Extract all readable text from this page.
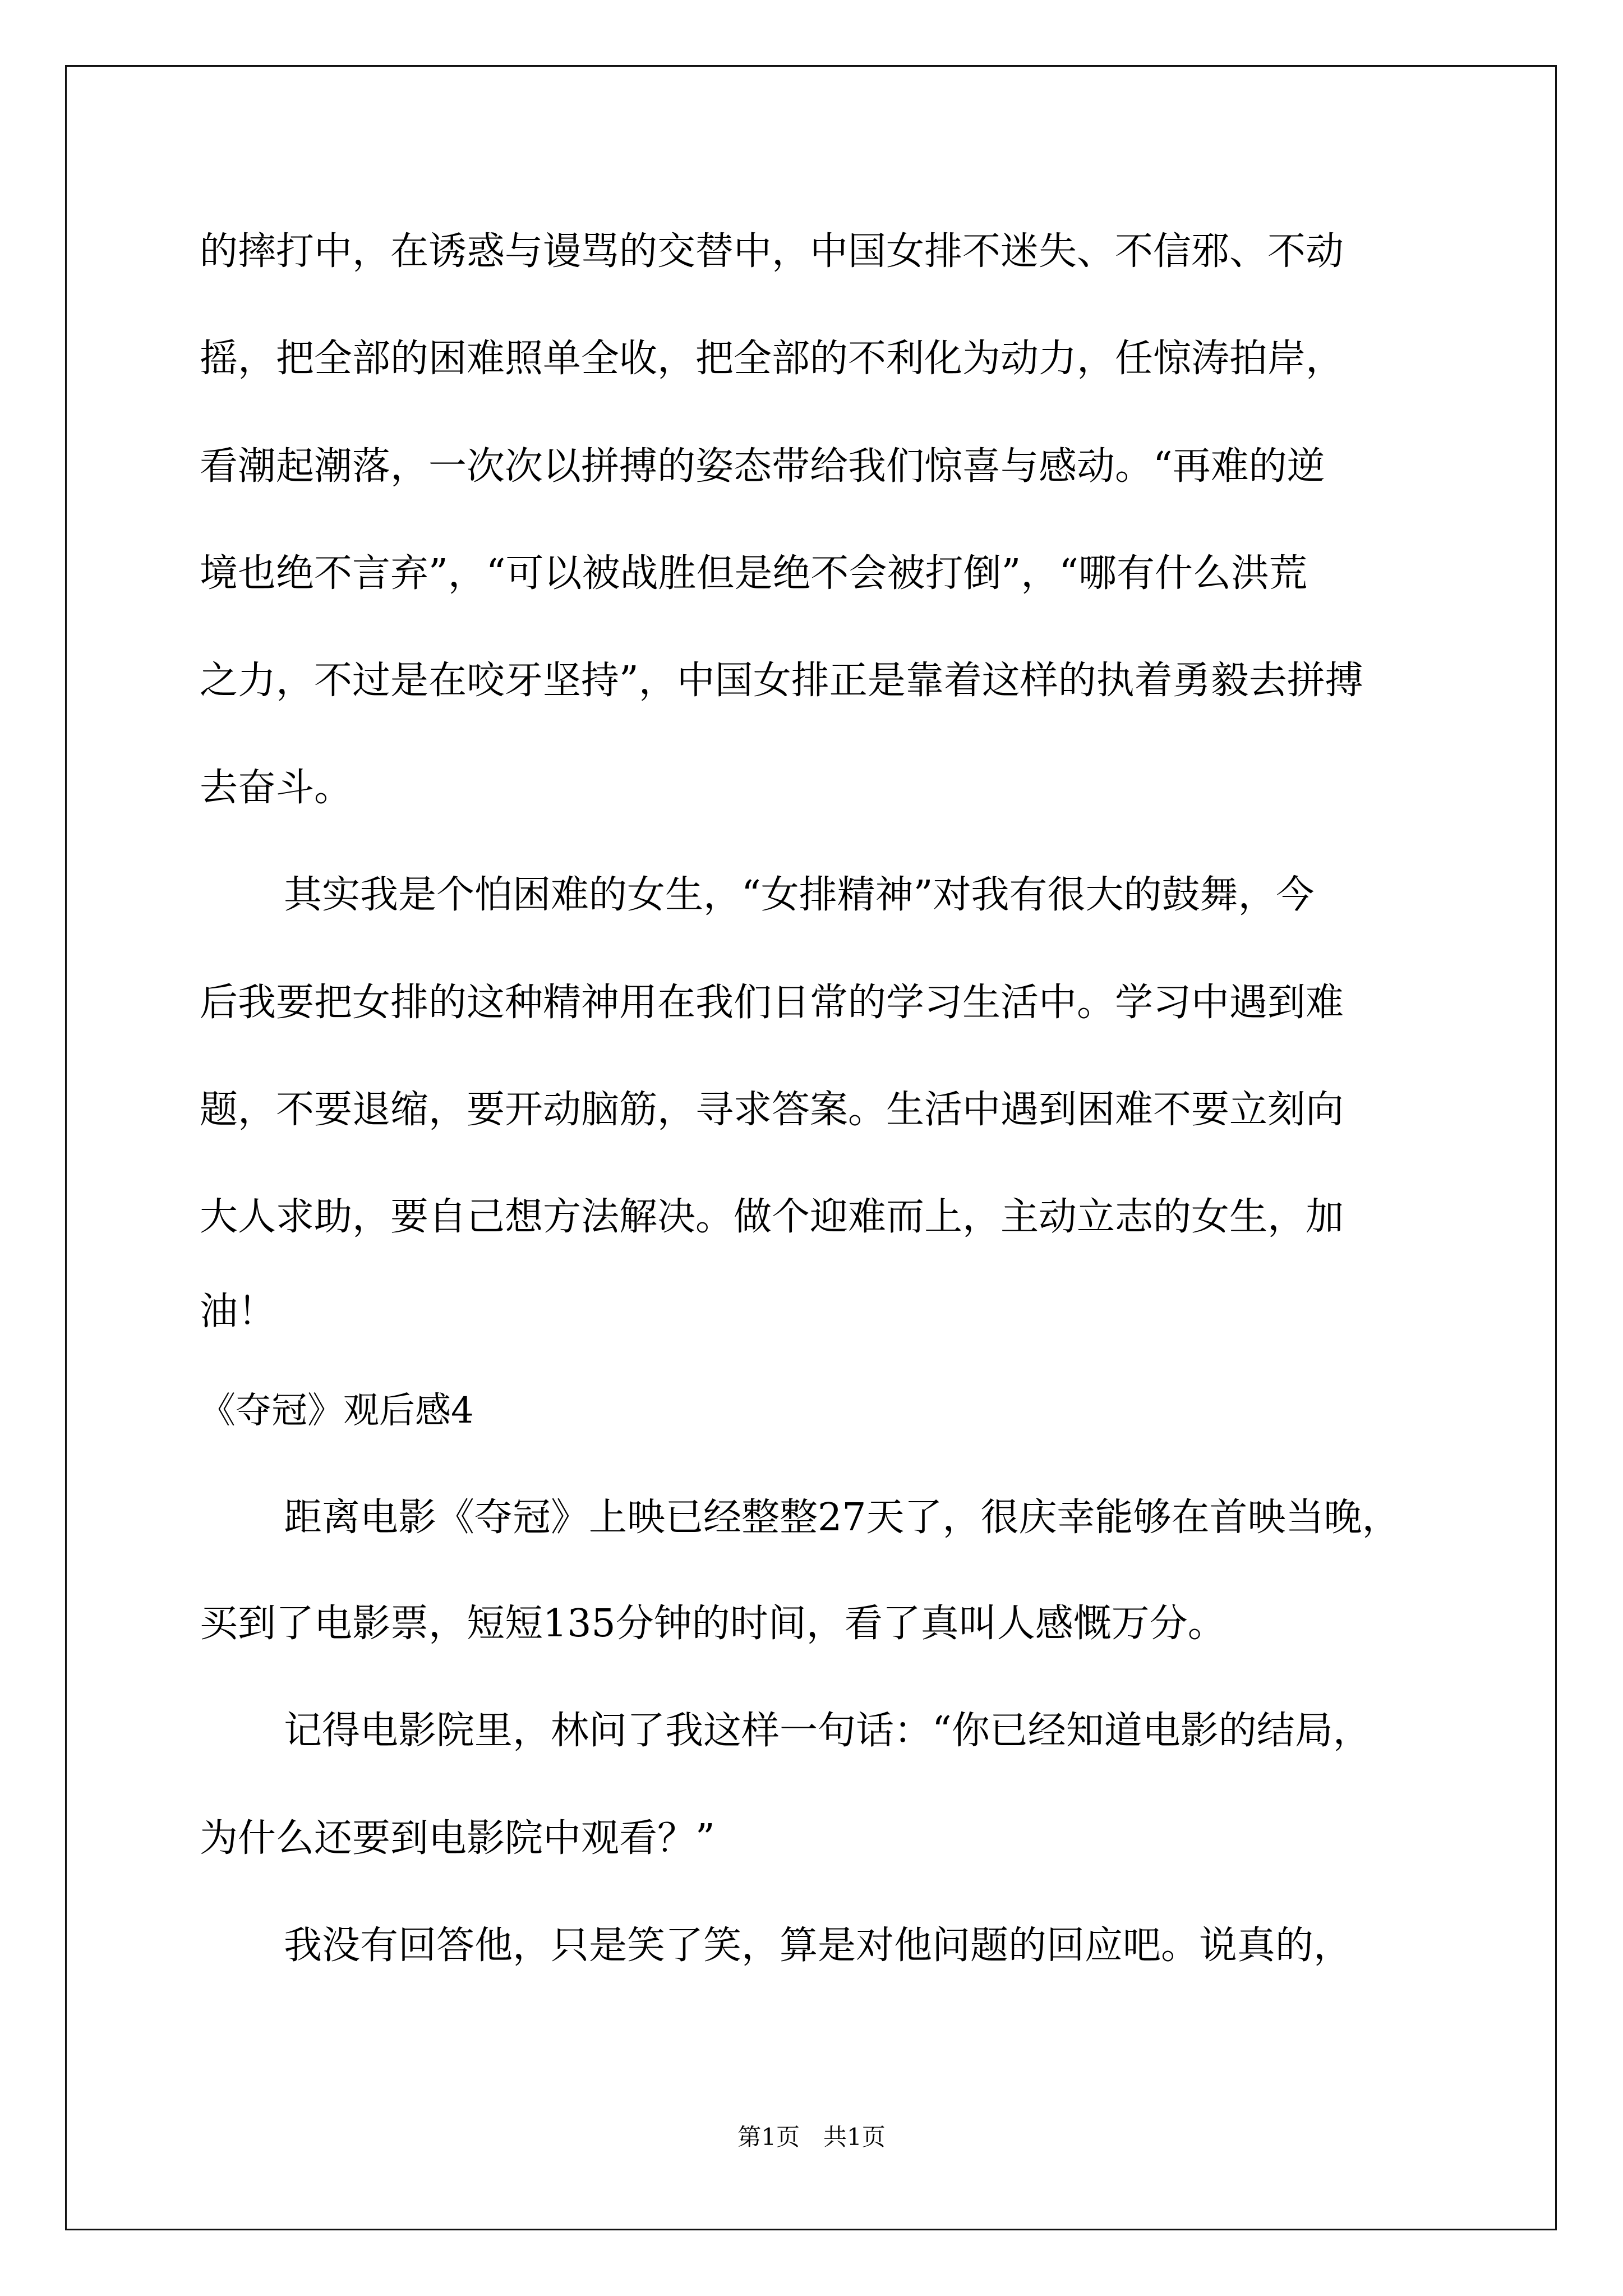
的摔打中，在诱惑与谩骂的交替中，中国女排不迷失、不信邪、不动

摇，把全部的困难照单全收，把全部的不利化为动力，任惊涛拍岸，

看潮起潮落，一次次以拼搏的姿态带给我们惊喜与感动。“再难的逆

境也绝不言弃”，“可以被战胜但是绝不会被打倒”，“哪有什么洪荒

之力，不过是在咬牙坚持”，中国女排正是靠着这样的执着勇毅去拼搏

去奋斗。

其实我是个怕困难的女生，“女排精神”对我有很大的鼓舞，今

后我要把女排的这种精神用在我们日常的学习生活中。学习中遇到难

题，不要退缩，要开动脑筋，寻求答案。生活中遇到困难不要立刻向

大人求助，要自己想方法解决。做个迎难而上，主动立志的女生，加

油！

《夺冠》观后感4

距离电影《夺冠》上映已经整整27天了，很庆幸能够在首映当晚，

买到了电影票，短短135分钟的时间，看了真叫人感慨万分。

记得电影院里，林问了我这样一句话：“你已经知道电影的结局，

为什么还要到电影院中观看？”

我没有回答他，只是笑了笑，算是对他问题的回应吧。说真的，

第1页　共1页
